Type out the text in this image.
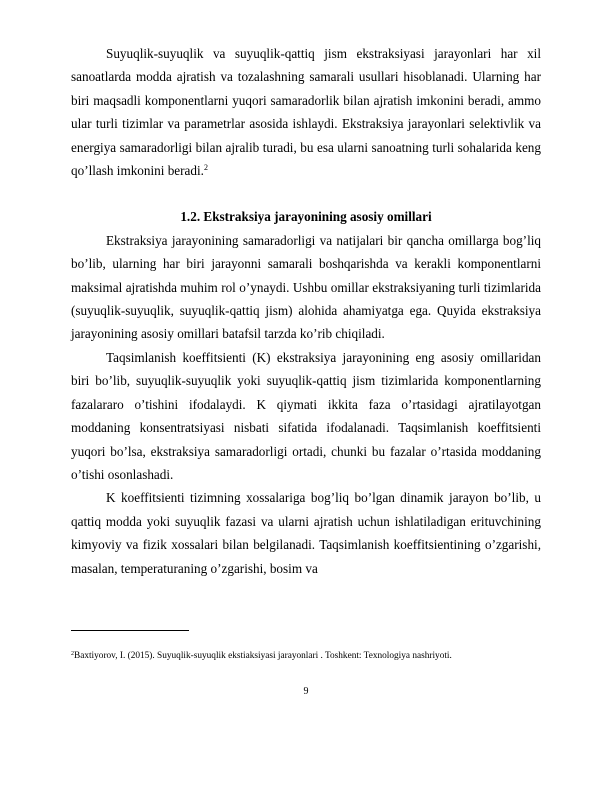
Suyuqlik-suyuqlik va suyuqlik-qattiq jism ekstraksiyasi jarayonlari har xil sanoatlarda modda ajratish va tozalashning samarali usullari hisoblanadi. Ularning har biri maqsadli komponentlarni yuqori samaradorlik bilan ajratish imkonini beradi, ammo ular turli tizimlar va parametrlar asosida ishlaydi. Ekstraksiya jarayonlari selektivlik va energiya samaradorligi bilan ajralib turadi, bu esa ularni sanoatning turli sohalarida keng qo’llash imkonini beradi.$^2$

1.2. Ekstraksiya jarayonining asosiy omillari

Ekstraksiya jarayonining samaradorligi va natijalari bir qancha omillarga bog’liq bo’lib, ularning har biri jarayonni samarali boshqarishda va kerakli komponentlarni maksimal ajratishda muhim rol o’ynaydi. Ushbu omillar ekstraksiyaning turli tizimlarida (suyuqlik-suyuqlik, suyuqlik-qattiq jism) alohida ahamiyatga ega. Quyida ekstraksiya jarayonining asosiy omillari batafsil tarzda ko’rib chiqiladi.

Taqsimlanish koeffitsienti (K) ekstraksiya jarayonining eng asosiy omillaridan biri bo’lib, suyuqlik-suyuqlik yoki suyuqlik-qattiq jism tizimlarida komponentlarning fazalararo o’tishini ifodalaydi. K qiymati ikkita faza o’rtasidagi ajratilayotgan moddaning konsentratsiyasi nisbati sifatida ifodalanadi. Taqsimlanish koeffitsienti yuqori bo’lsa, ekstraksiya samaradorligi ortadi, chunki bu fazalar o’rtasida moddaning o’tishi osonlashadi.

K koeffitsienti tizimning xossalariga bog’liq bo’lgan dinamik jarayon bo’lib, u qattiq modda yoki suyuqlik fazasi va ularni ajratish uchun ishlatiladigan erituvchining kimyoviy va fizik xossalari bilan belgilanadi. Taqsimlanish koeffitsientining o’zgarishi, masalan, temperaturaning o’zgarishi, bosim va

$^2$Baxtiyorov, I. (2015). Suyuqlik-suyuqlik ekstiaksiyasi jarayonlari . Toshkent: Texnologiya nashriyoti.
9
